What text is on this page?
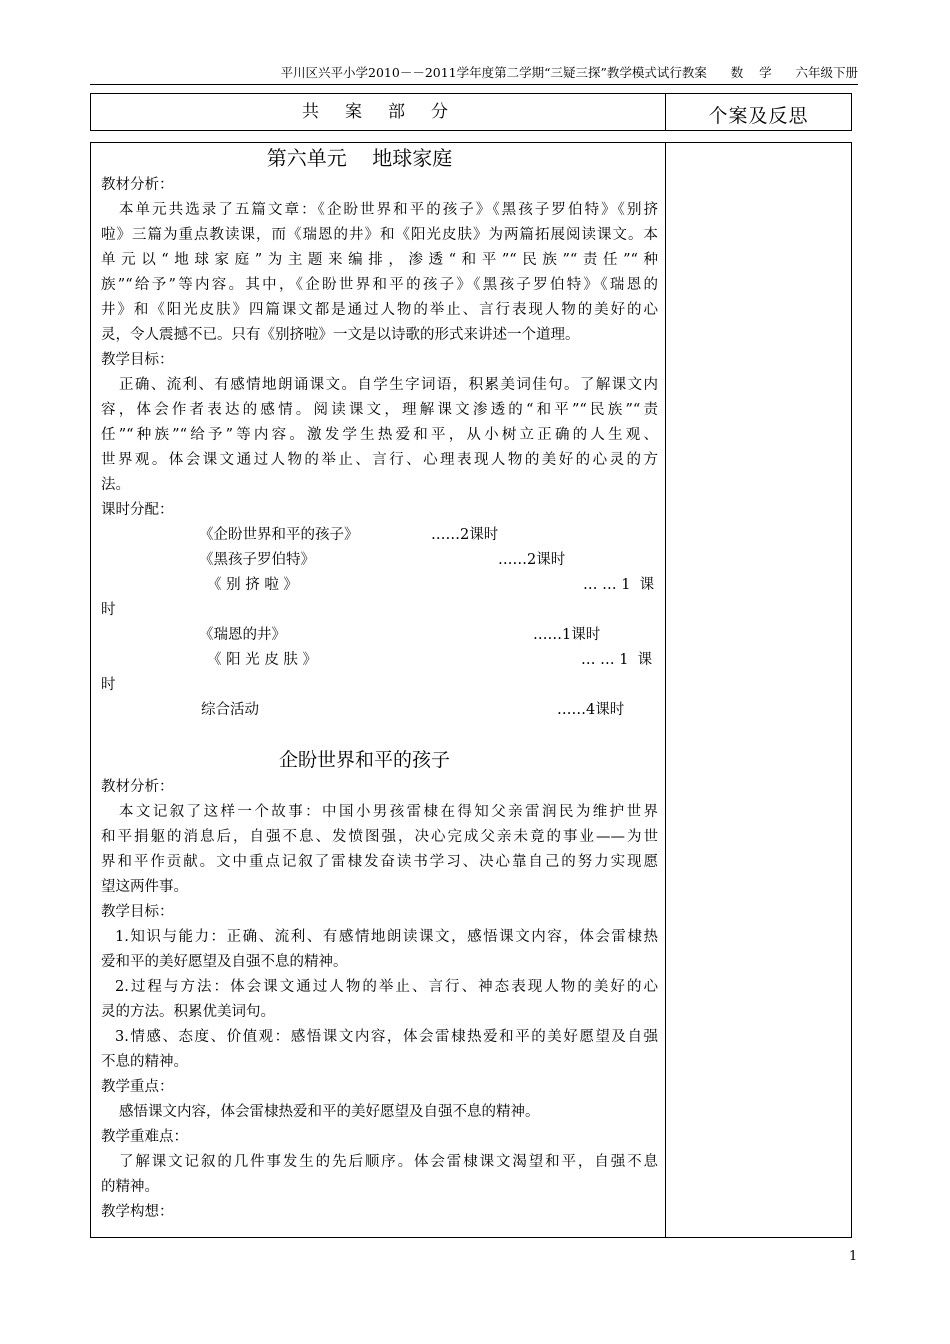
平川区兴平小学2010－－2011学年度第二学期“三疑三探”教学模式试行教案      数    学      六年级下册
共案部分	个案及反思
第六单元    地球家庭
教材分析：
本单元共选录了五篇文章：《企盼世界和平的孩子》《黑孩子罗伯特》《别挤
啦》三篇为重点教读课，而《瑞恩的井》和《阳光皮肤》为两篇拓展阅读课文。本
单元以“地球家庭”为主题来编排，渗透“和平”“民族”“责任”“种
族”“给予”等内容。其中，《企盼世界和平的孩子》《黑孩子罗伯特》《瑞恩的
井》和《阳光皮肤》四篇课文都是通过人物的举止、言行表现人物的美好的心
灵，令人震撼不已。只有《别挤啦》一文是以诗歌的形式来讲述一个道理。
教学目标：
正确、流利、有感情地朗诵课文。自学生字词语，积累美词佳句。了解课文内
容，体会作者表达的感情。阅读课文，理解课文渗透的“和平”“民族”“责
任”“种族”“给予”等内容。激发学生热爱和平，从小树立正确的人生观、
世界观。体会课文通过人物的举止、言行、心理表现人物的美好的心灵的方
法。
课时分配：
《企盼世界和平的孩子》	……2课时
《黑孩子罗伯特》	……2课时
《 别 挤 啦 》	… … 1  课
时
《瑞恩的井》	……1课时
《 阳 光 皮 肤 》	… … 1  课
时
综合活动	……4课时
企盼世界和平的孩子
教材分析：
本文记叙了这样一个故事：中国小男孩雷棣在得知父亲雷润民为维护世界
和平捐躯的消息后，自强不息、发愤图强，决心完成父亲未竟的事业——为世
界和平作贡献。文中重点记叙了雷棣发奋读书学习、决心靠自己的努力实现愿
望这两件事。
教学目标：
1.知识与能力：正确、流利、有感情地朗读课文，感悟课文内容，体会雷棣热
爱和平的美好愿望及自强不息的精神。
2.过程与方法：体会课文通过人物的举止、言行、神态表现人物的美好的心
灵的方法。积累优美词句。
3.情感、态度、价值观：感悟课文内容，体会雷棣热爱和平的美好愿望及自强
不息的精神。
教学重点：
感悟课文内容，体会雷棣热爱和平的美好愿望及自强不息的精神。
教学重难点：
了解课文记叙的几件事发生的先后顺序。体会雷棣课文渴望和平，自强不息
的精神。
教学构想：
1
